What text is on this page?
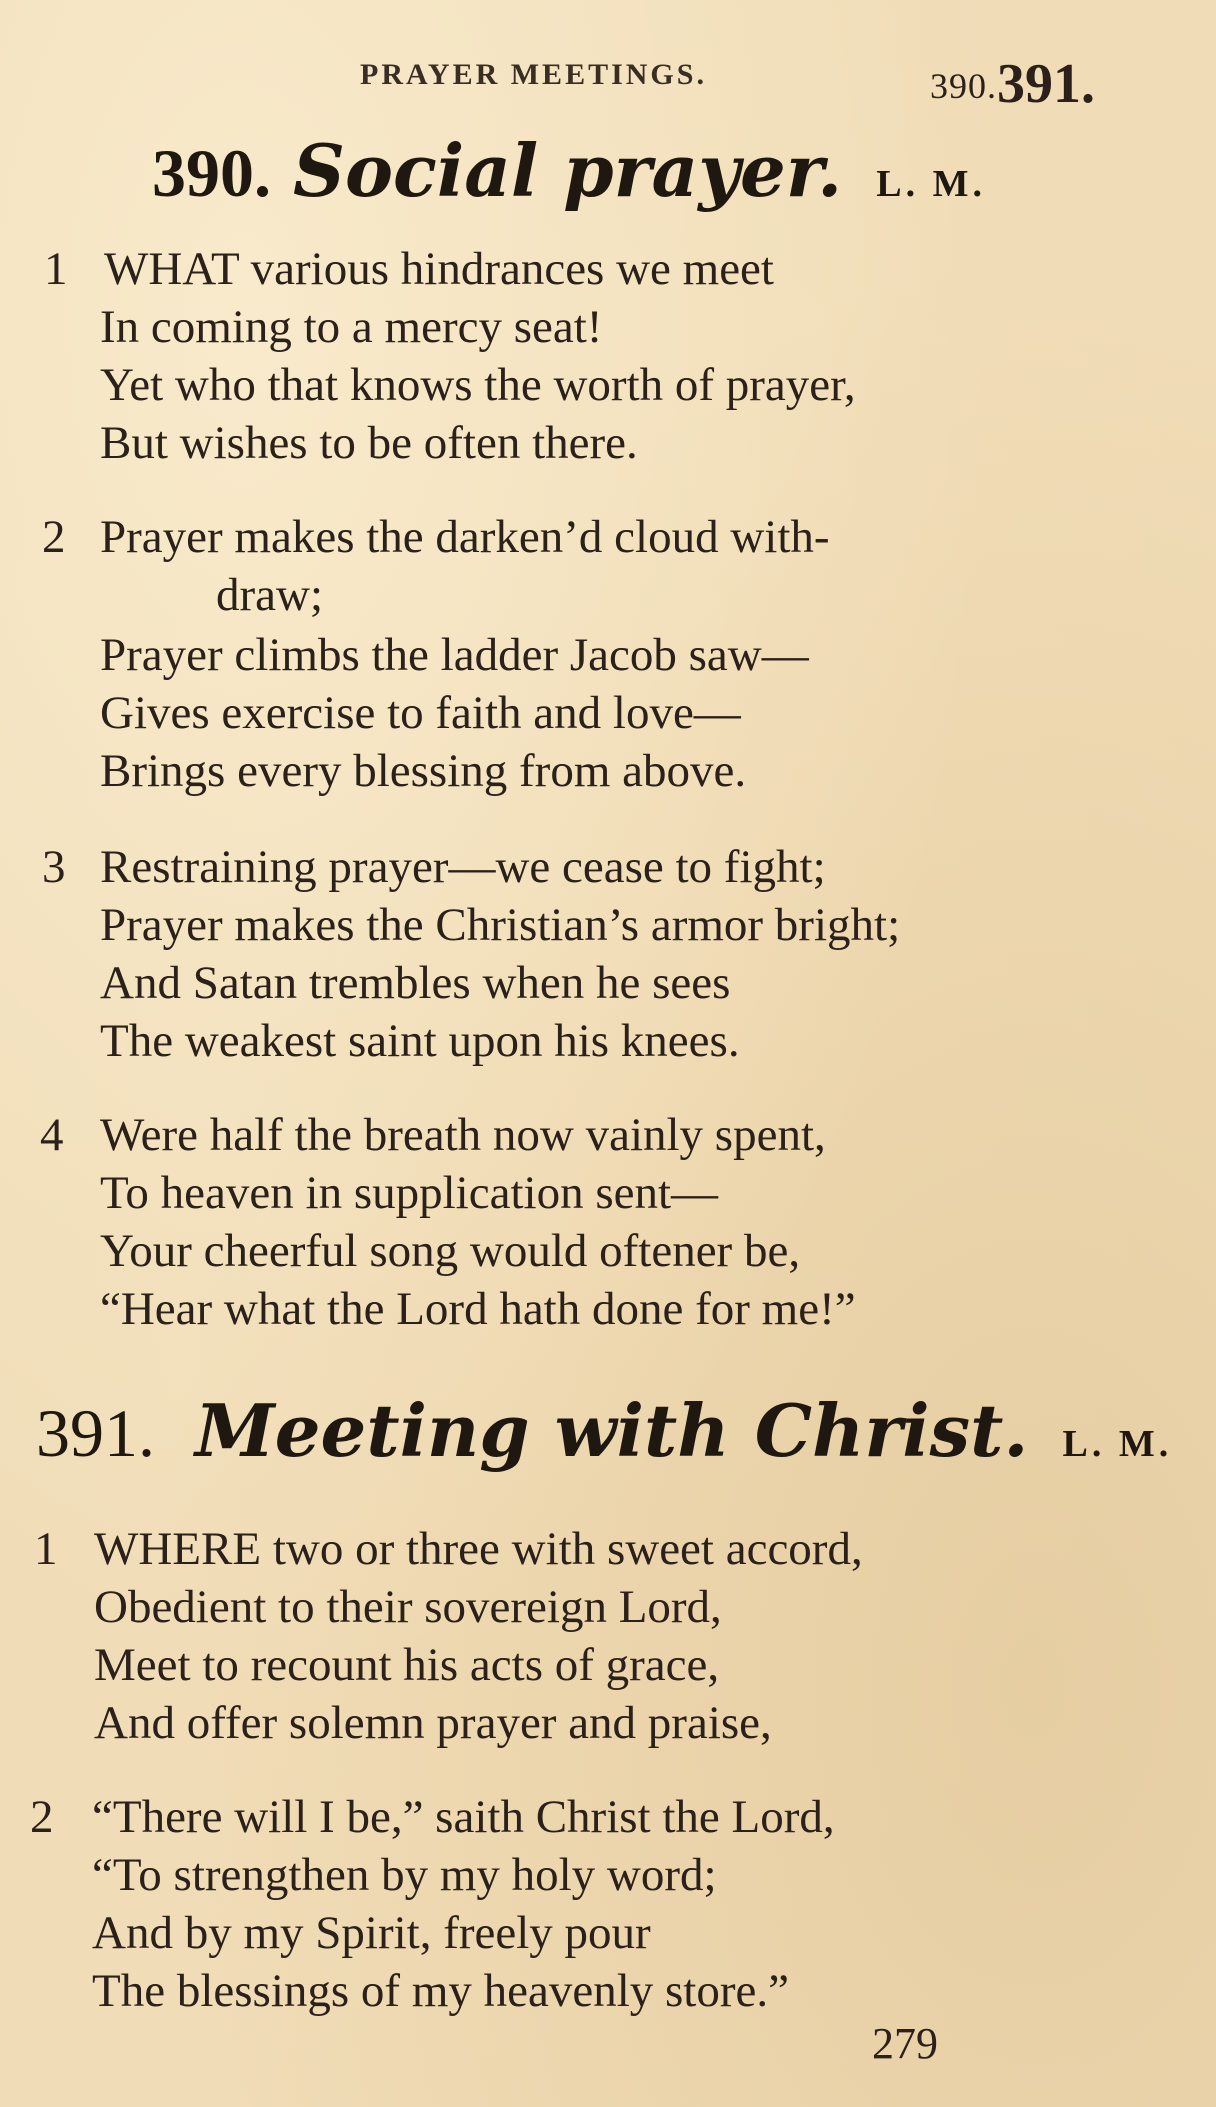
PRAYER MEETINGS.	390.391.
390. Social prayer. L. M.
1 WHAT various hindrances we meet
In coming to a mercy seat!
Yet who that knows the worth of prayer,
But wishes to be often there.
2 Prayer makes the darken’d cloud with-
draw;
Prayer climbs the ladder Jacob saw—
Gives exercise to faith and love—
Brings every blessing from above.
3 Restraining prayer—we cease to fight;
Prayer makes the Christian’s armor bright;
And Satan trembles when he sees
The weakest saint upon his knees.
4 Were half the breath now vainly spent,
To heaven in supplication sent—
Your cheerful song would oftener be,
“Hear what the Lord hath done for me!”
391. Meeting with Christ. L. M.
1 WHERE two or three with sweet accord,
Obedient to their sovereign Lord,
Meet to recount his acts of grace,
And offer solemn prayer and praise,
2 “There will I be,” saith Christ the Lord,
“To strengthen by my holy word;
And by my Spirit, freely pour
The blessings of my heavenly store.”
279
